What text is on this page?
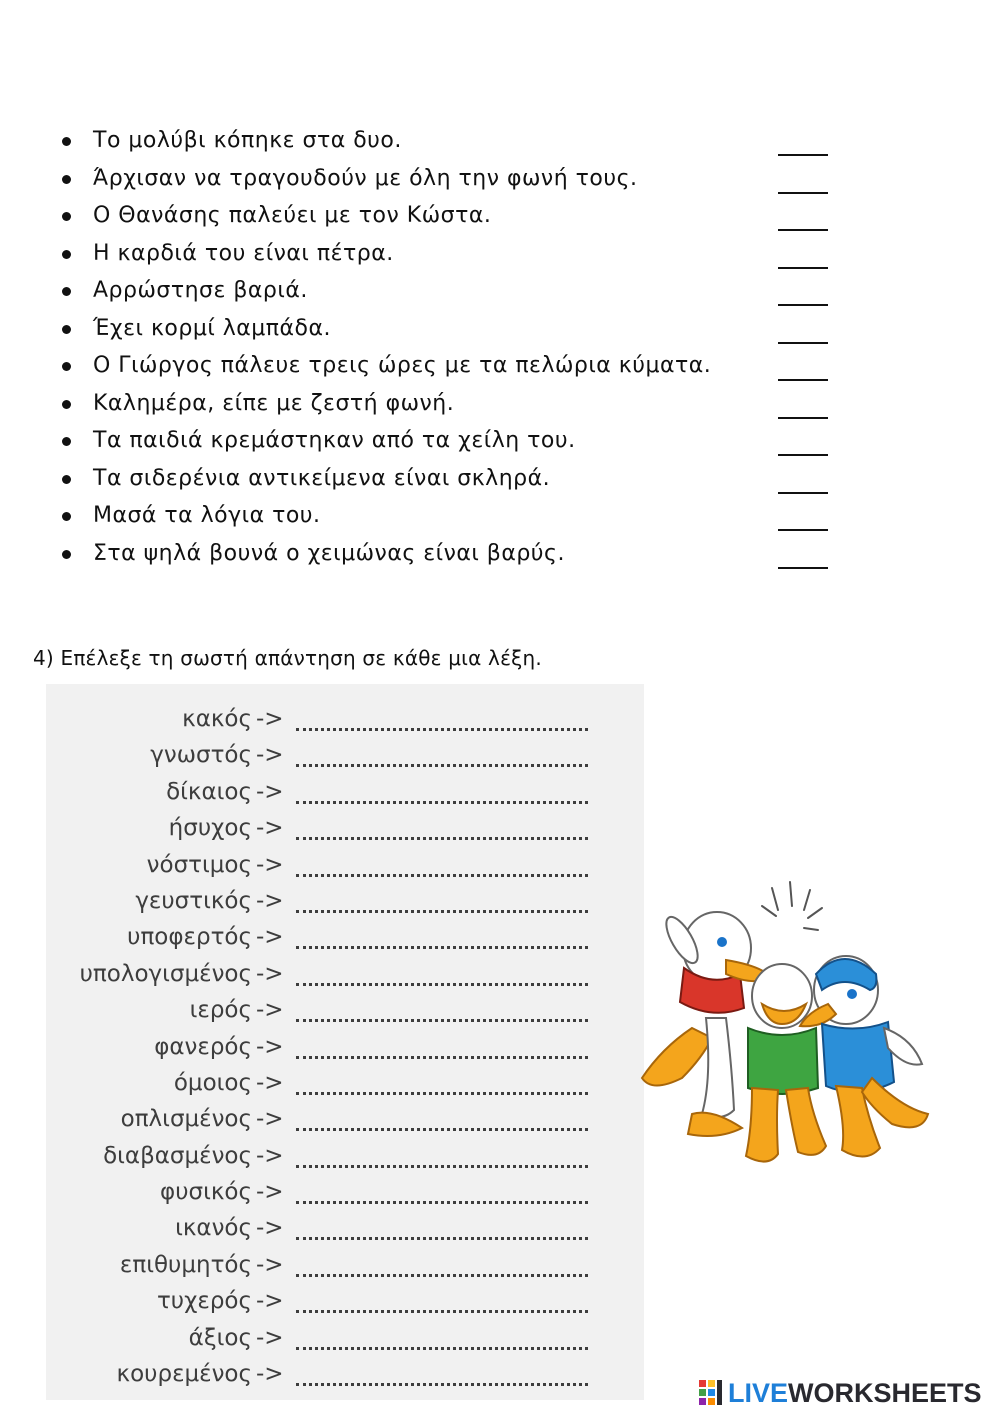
Το μολύβι κόπηκε στα δυο.
Άρχισαν να τραγουδούν με όλη την φωνή τους.
Ο Θανάσης παλεύει με τον Κώστα.
Η καρδιά του είναι πέτρα.
Αρρώστησε βαριά.
Έχει κορμί λαμπάδα.
Ο Γιώργος πάλευε τρεις ώρες με τα πελώρια κύματα.
Καλημέρα, είπε με ζεστή φωνή.
Τα παιδιά κρεμάστηκαν από τα χείλη του.
Τα σιδερένια αντικείμενα είναι σκληρά.
Μασά τα λόγια του.
Στα ψηλά βουνά ο χειμώνας είναι βαρύς.
4) Επέλεξε τη σωστή απάντηση σε κάθε μια λέξη.
κακός ->
γνωστός ->
δίκαιος ->
ήσυχος ->
νόστιμος ->
γευστικός ->
υποφερτός ->
υπολογισμένος ->
ιερός ->
φανερός ->
όμοιος ->
οπλισμένος ->
διαβασμένος ->
φυσικός ->
ικανός ->
επιθυμητός ->
τυχερός ->
άξιος ->
κουρεμένος ->
LIVEWORKSHEETS
